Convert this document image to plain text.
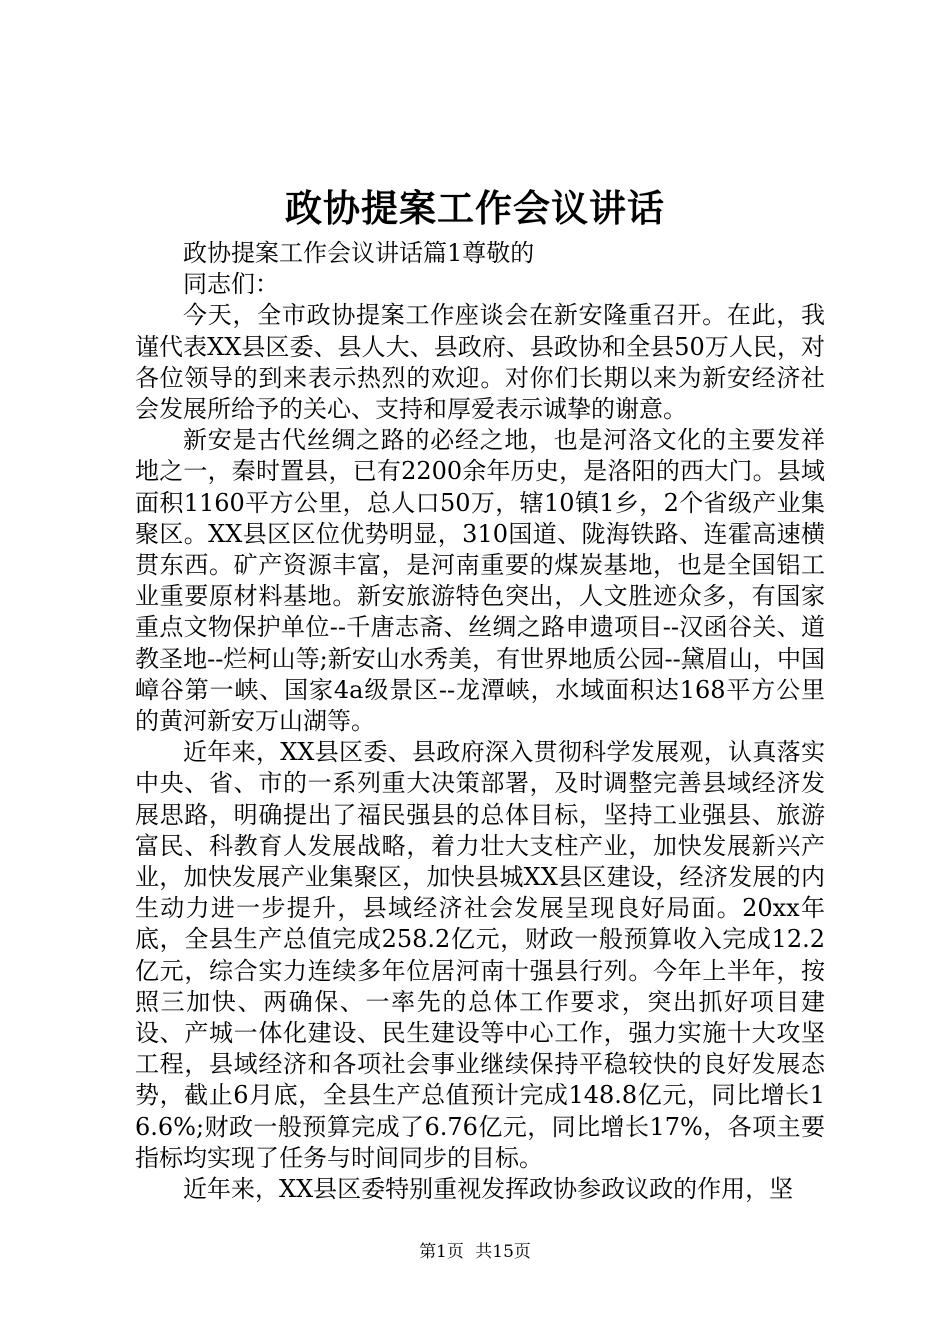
政协提案工作会议讲话

政协提案工作会议讲话篇1尊敬的

同志们：

今天，全市政协提案工作座谈会在新安隆重召开。在此，我谨代表XX县区委、县人大、县政府、县政协和全县50万人民，对各位领导的到来表示热烈的欢迎。对你们长期以来为新安经济社会发展所给予的关心、支持和厚爱表示诚挚的谢意。

新安是古代丝绸之路的必经之地，也是河洛文化的主要发祥地之一，秦时置县，已有2200余年历史，是洛阳的西大门。县域面积1160平方公里，总人口50万，辖10镇1乡，2个省级产业集聚区。XX县区区位优势明显，310国道、陇海铁路、连霍高速横贯东西。矿产资源丰富，是河南重要的煤炭基地，也是全国铝工业重要原材料基地。新安旅游特色突出，人文胜迹众多，有国家重点文物保护单位--千唐志斋、丝绸之路申遗项目--汉函谷关、道教圣地--烂柯山等;新安山水秀美，有世界地质公园--黛眉山，中国嶂谷第一峡、国家4a级景区--龙潭峡，水域面积达168平方公里的黄河新安万山湖等。

近年来，XX县区委、县政府深入贯彻科学发展观，认真落实中央、省、市的一系列重大决策部署，及时调整完善县域经济发展思路，明确提出了福民强县的总体目标，坚持工业强县、旅游富民、科教育人发展战略，着力壮大支柱产业，加快发展新兴产业，加快发展产业集聚区，加快县城XX县区建设，经济发展的内生动力进一步提升，县域经济社会发展呈现良好局面。20xx年底，全县生产总值完成258.2亿元，财政一般预算收入完成12.2亿元，综合实力连续多年位居河南十强县行列。今年上半年，按照三加快、两确保、一率先的总体工作要求，突出抓好项目建设、产城一体化建设、民生建设等中心工作，强力实施十大攻坚工程，县域经济和各项社会事业继续保持平稳较快的良好发展态势，截止6月底，全县生产总值预计完成148.8亿元，同比增长16.6%;财政一般预算完成了6.76亿元，同比增长17%，各项主要指标均实现了任务与时间同步的目标。

近年来，XX县区委特别重视发挥政协参政议政的作用，坚

第1页 共15页
